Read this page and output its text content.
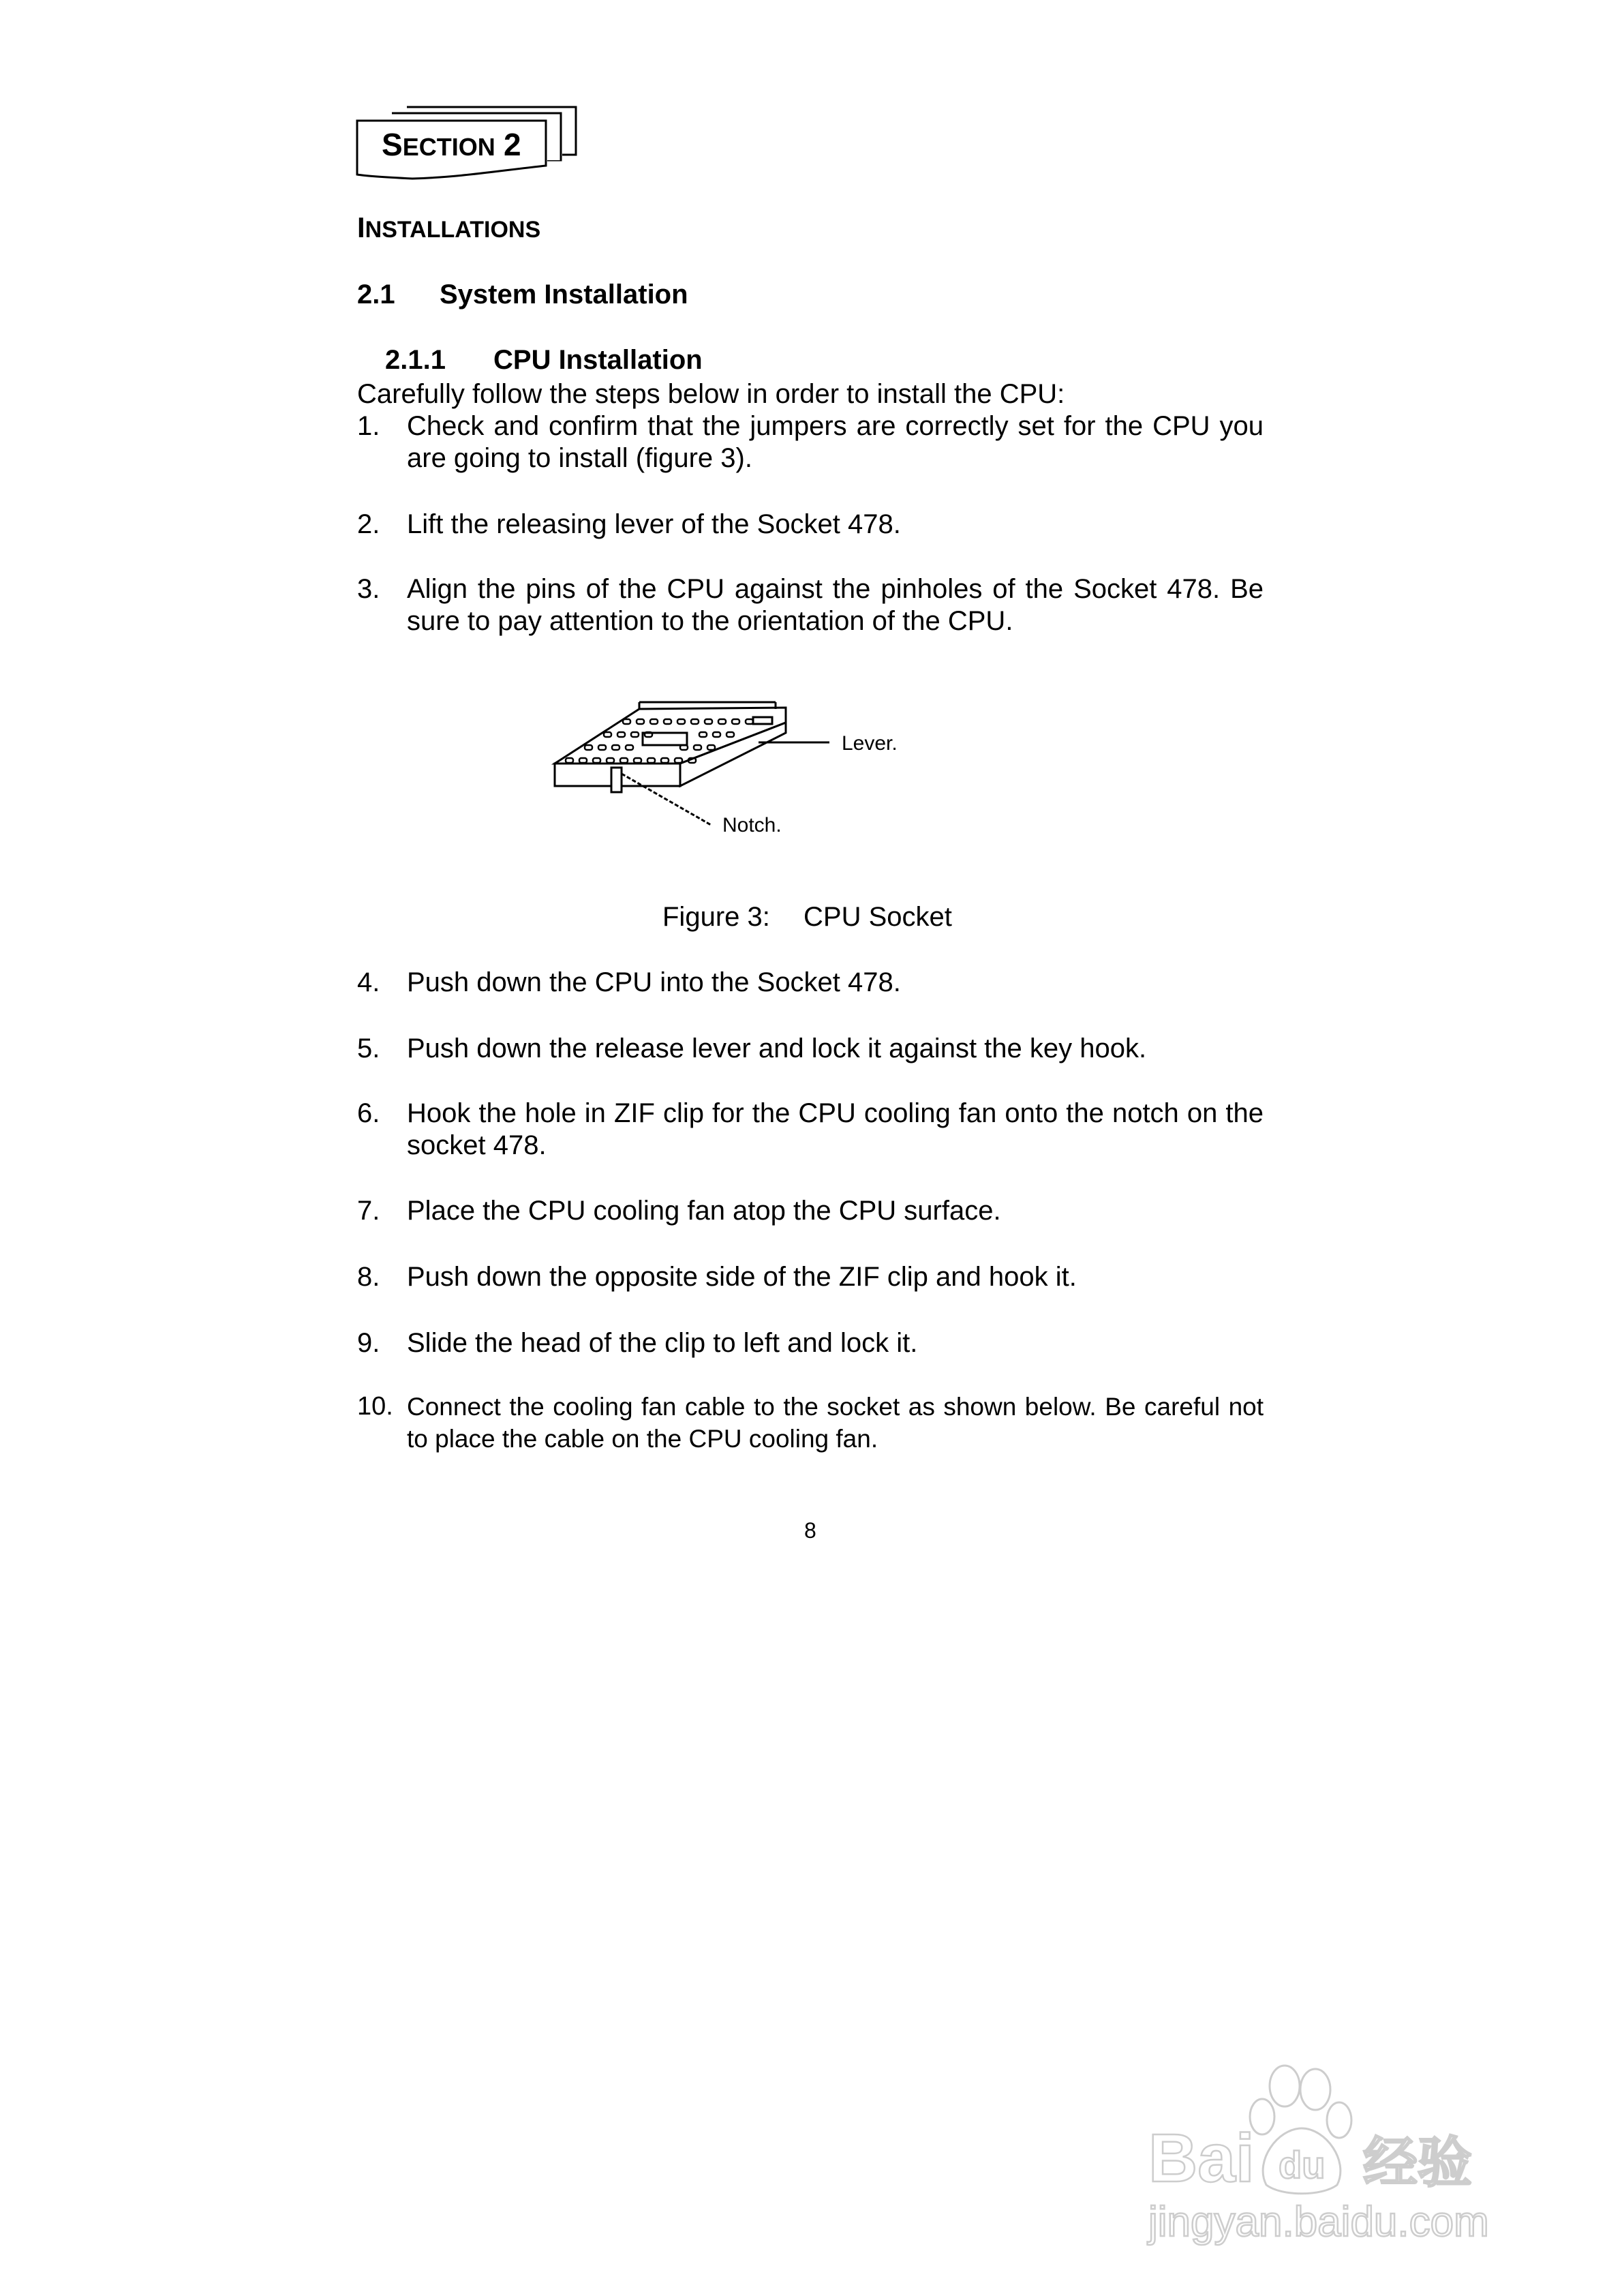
SECTION 2
INSTALLATIONS
2.1 System Installation
2.1.1 CPU Installation
Carefully follow the steps below in order to install the CPU:
1. Check and confirm that the jumpers are correctly set for the CPU you are going to install (figure 3).
2. Lift the releasing lever of the Socket 478.
3. Align the pins of the CPU against the pinholes of the Socket 478. Be sure to pay attention to the orientation of the CPU.
Lever.
Notch.
Figure 3: CPU Socket
4. Push down the CPU into the Socket 478.
5. Push down the release lever and lock it against the key hook.
6. Hook the hole in ZIF clip for the CPU cooling fan onto the notch on the socket 478.
7. Place the CPU cooling fan atop the CPU surface.
8. Push down the opposite side of the ZIF clip and hook it.
9. Slide the head of the clip to left and lock it.
10. Connect the cooling fan cable to the socket as shown below. Be careful not to place the cable on the CPU cooling fan.
8
Bai du 经验
jingyan.baidu.com
